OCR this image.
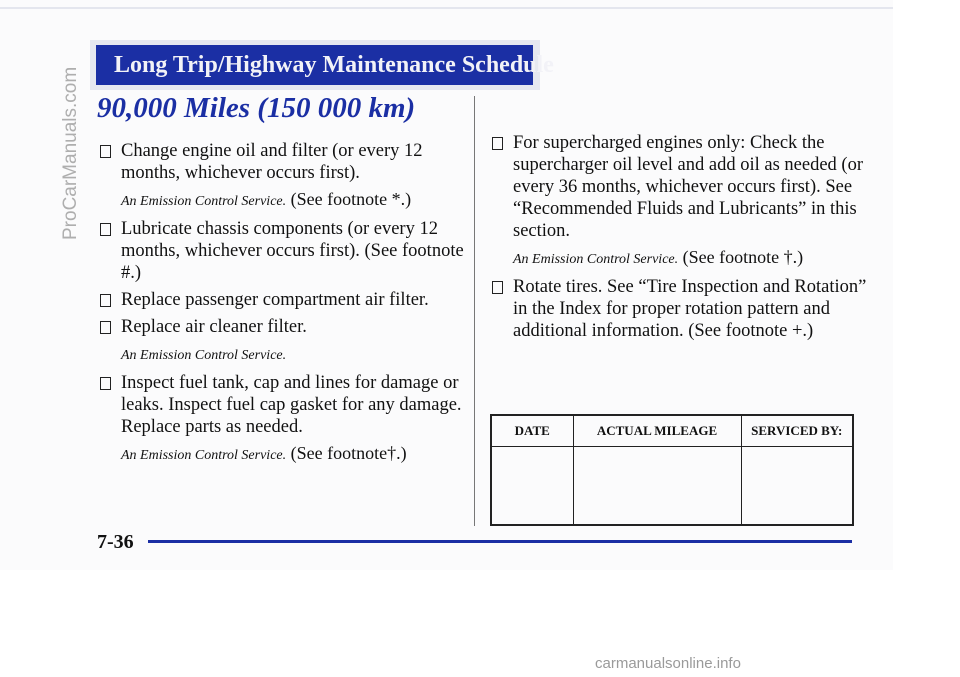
Long Trip/Highway Maintenance Schedule
90,000 Miles (150 000 km)
Change engine oil and filter (or every 12 months, whichever occurs first).
An Emission Control Service. (See footnote *.)
Lubricate chassis components (or every 12 months, whichever occurs first). (See footnote #.)
Replace passenger compartment air filter.
Replace air cleaner filter.
An Emission Control Service.
Inspect fuel tank, cap and lines for damage or leaks. Inspect fuel cap gasket for any damage. Replace parts as needed.
An Emission Control Service. (See footnote†.)
For supercharged engines only: Check the supercharger oil level and add oil as needed (or every 36 months, whichever occurs first). See “Recommended Fluids and Lubricants” in this section.
An Emission Control Service. (See footnote †.)
Rotate tires. See “Tire Inspection and Rotation” in the Index for proper rotation pattern and additional information. (See footnote +.)
DATE	ACTUAL MILEAGE	SERVICED BY:

7-36
ProCarManuals.com
carmanualsonline.info
